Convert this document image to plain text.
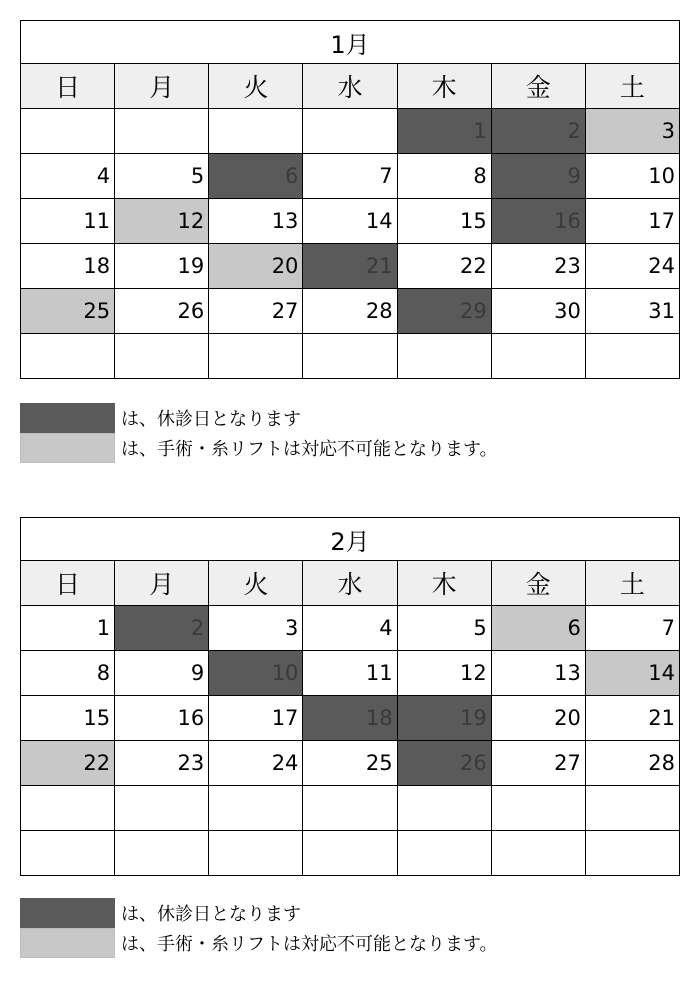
1月						
日	月	火	水	木	金	土
				1	2	3
4	5	6	7	8	9	10
11	12	13	14	15	16	17
18	19	20	21	22	23	24
25	26	27	28	29	30	31

は、休診日となります
は、手術・糸リフトは対応不可能となります。
2月						
日	月	火	水	木	金	土
1	2	3	4	5	6	7
8	9	10	11	12	13	14
15	16	17	18	19	20	21
22	23	24	25	26	27	28

は、休診日となります
は、手術・糸リフトは対応不可能となります。
